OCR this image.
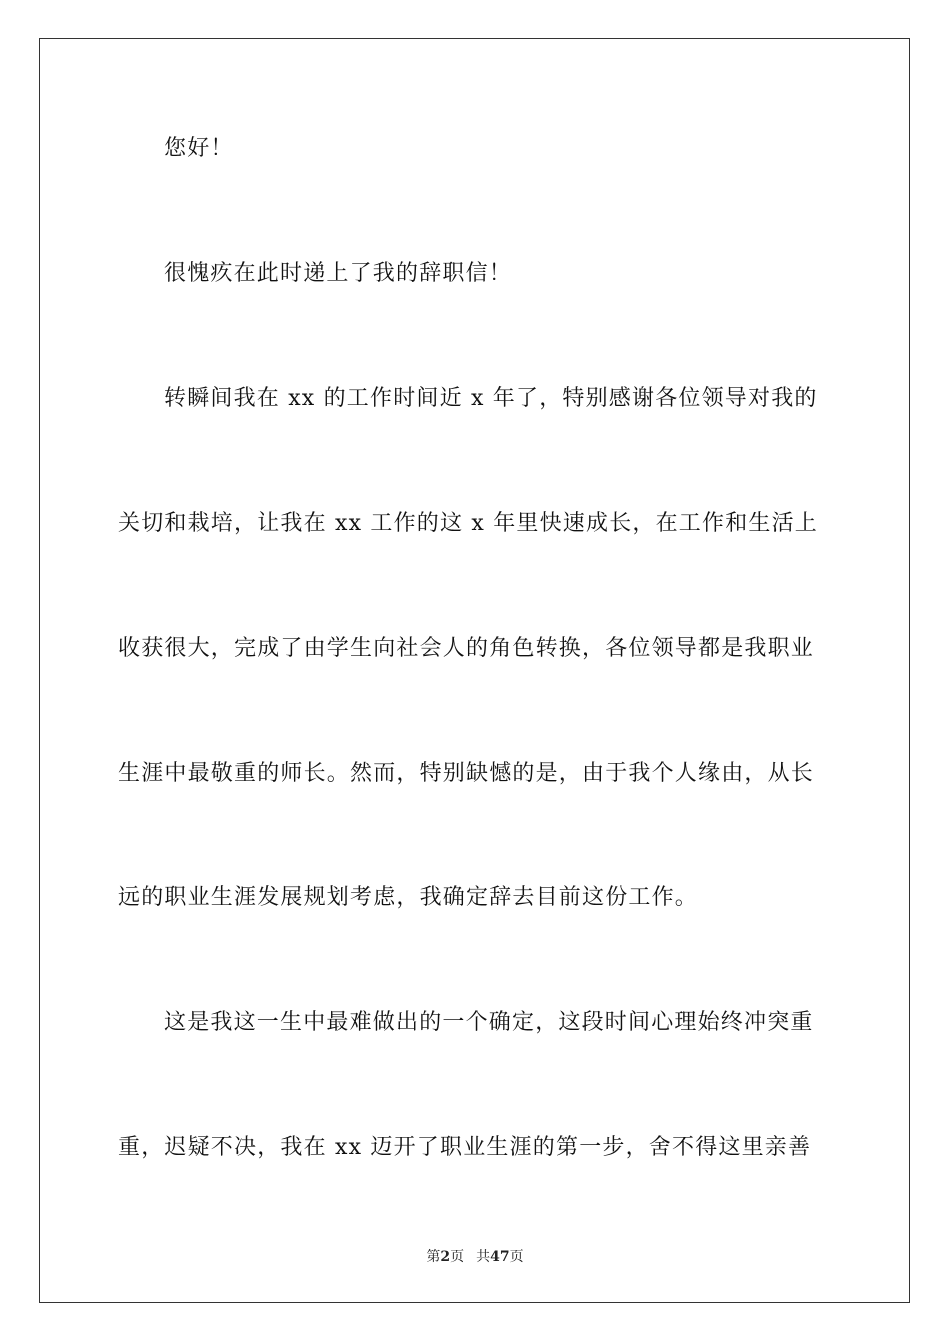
您好！
很愧疚在此时递上了我的辞职信！
转瞬间我在 xx 的工作时间近 x 年了，特别感谢各位领导对我的
关切和栽培，让我在 xx 工作的这 x 年里快速成长，在工作和生活上
收获很大，完成了由学生向社会人的角色转换，各位领导都是我职业
生涯中最敬重的师长。然而，特别缺憾的是，由于我个人缘由，从长
远的职业生涯发展规划考虑，我确定辞去目前这份工作。
这是我这一生中最难做出的一个确定，这段时间心理始终冲突重
重，迟疑不决，我在 xx 迈开了职业生涯的第一步，舍不得这里亲善
第2页 共47页
